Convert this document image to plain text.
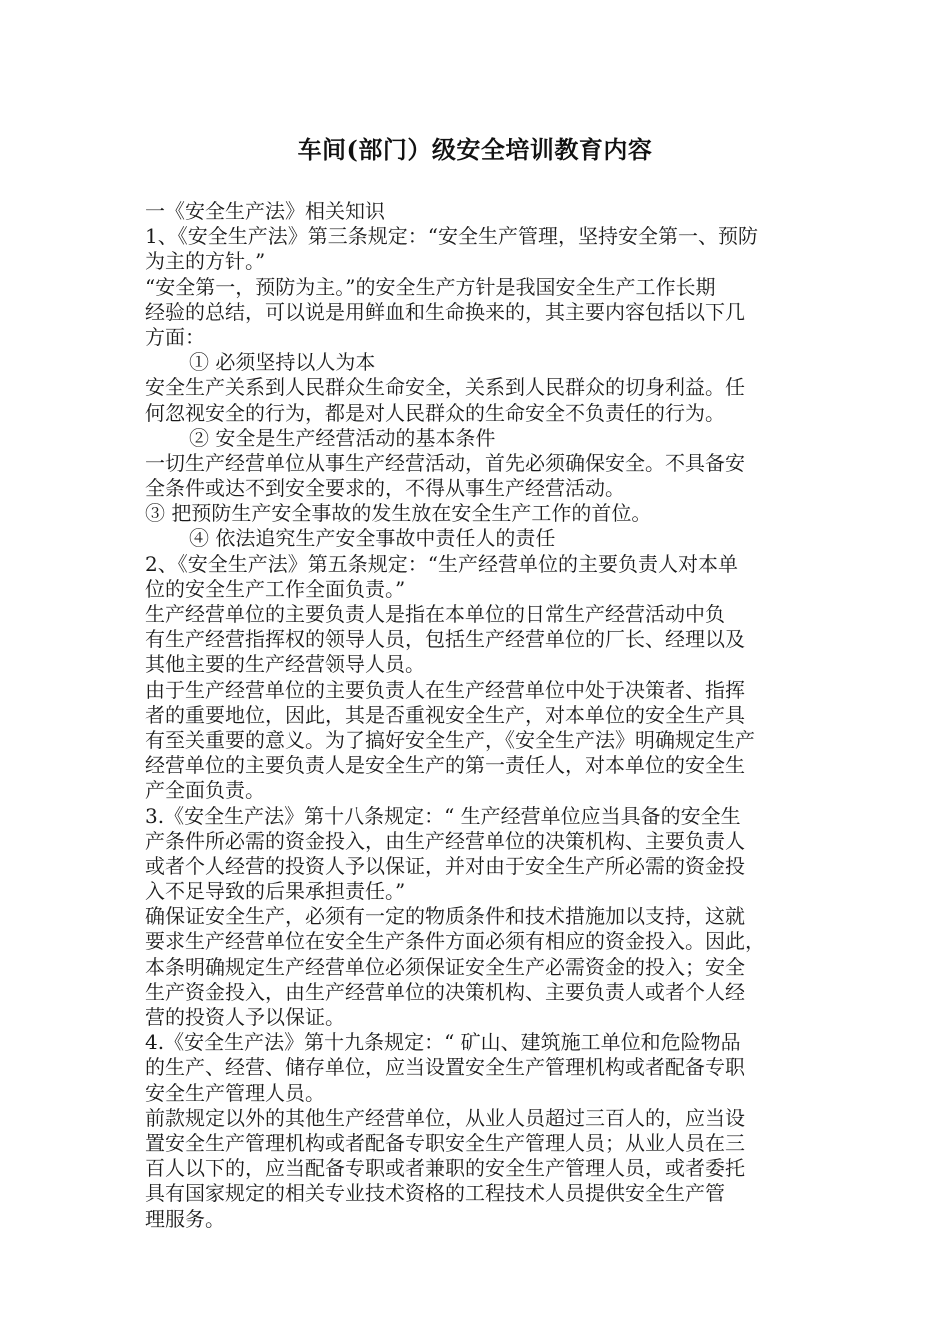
车间(部门）级安全培训教育内容
一《安全生产法》相关知识
1、《安全生产法》第三条规定：“安全生产管理，坚持安全第一、预防
为主的方针。”
“安全第一，预防为主。”的安全生产方针是我国安全生产工作长期
经验的总结，可以说是用鲜血和生命换来的，其主要内容包括以下几
方面：
① 必须坚持以人为本
安全生产关系到人民群众生命安全，关系到人民群众的切身利益。任
何忽视安全的行为，都是对人民群众的生命安全不负责任的行为。
② 安全是生产经营活动的基本条件
一切生产经营单位从事生产经营活动，首先必须确保安全。不具备安
全条件或达不到安全要求的，不得从事生产经营活动。
③ 把预防生产安全事故的发生放在安全生产工作的首位。
④ 依法追究生产安全事故中责任人的责任
2、《安全生产法》第五条规定：“生产经营单位的主要负责人对本单
位的安全生产工作全面负责。”
生产经营单位的主要负责人是指在本单位的日常生产经营活动中负
有生产经营指挥权的领导人员，包括生产经营单位的厂长、经理以及
其他主要的生产经营领导人员。
由于生产经营单位的主要负责人在生产经营单位中处于决策者、指挥
者的重要地位，因此，其是否重视安全生产，对本单位的安全生产具
有至关重要的意义。为了搞好安全生产，《安全生产法》明确规定生产
经营单位的主要负责人是安全生产的第一责任人，对本单位的安全生
产全面负责。
3.《安全生产法》第十八条规定：“ 生产经营单位应当具备的安全生
产条件所必需的资金投入，由生产经营单位的决策机构、主要负责人
或者个人经营的投资人予以保证，并对由于安全生产所必需的资金投
入不足导致的后果承担责任。”
确保证安全生产，必须有一定的物质条件和技术措施加以支持，这就
要求生产经营单位在安全生产条件方面必须有相应的资金投入。因此，
本条明确规定生产经营单位必须保证安全生产必需资金的投入；安全
生产资金投入，由生产经营单位的决策机构、主要负责人或者个人经
营的投资人予以保证。
4.《安全生产法》第十九条规定：“ 矿山、建筑施工单位和危险物品
的生产、经营、储存单位，应当设置安全生产管理机构或者配备专职
安全生产管理人员。
前款规定以外的其他生产经营单位，从业人员超过三百人的，应当设
置安全生产管理机构或者配备专职安全生产管理人员；从业人员在三
百人以下的，应当配备专职或者兼职的安全生产管理人员，或者委托
具有国家规定的相关专业技术资格的工程技术人员提供安全生产管
理服务。
